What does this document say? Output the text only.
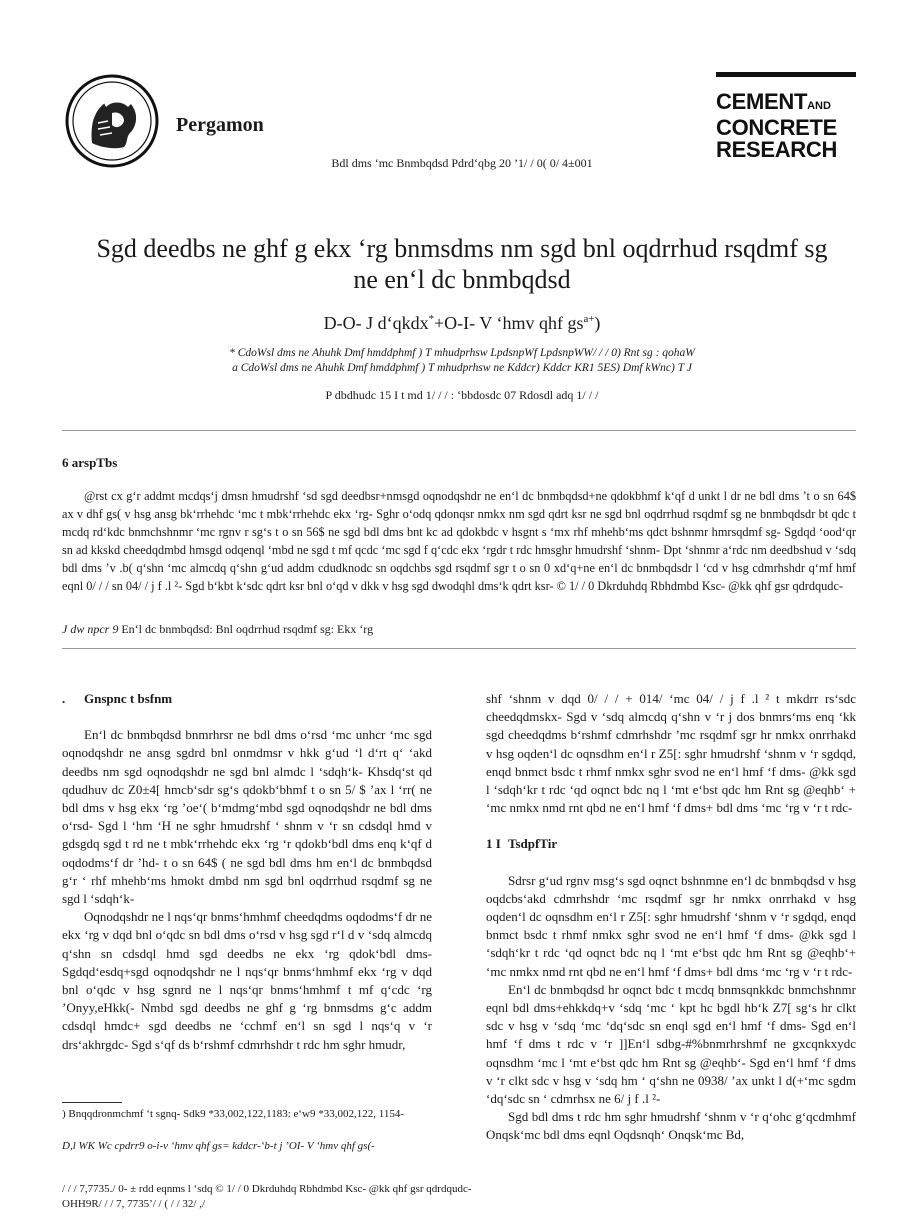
Pergamon
CEMENTAND
CONCRETE
RESEARCH
Bdl dms ‘mc Bnmbqdsd Pdrd‘qbg 20 ’1/ / 0( 0/ 4±001
Sgd deedbs ne ghf g ekx ‘rg bnmsdms nm sgd bnl oqdrrhud rsqdmf sg
ne en‘l dc bnmbqdsd
D-O- J d‘qkdx*+O-I- V ‘hmv qhf $gs^{a+}$)
* CdoWsl dms ne Ahuhk Dmf hmddphmf ) T mhudprhsw LpdsnpWf LpdsnpWW/ / / 0) Rnt sg : qohaW
a CdoWsl dms ne Ahuhk Dmf hmddphmf ) T mhudprhsw ne Kddcr) Kddcr KR1 5ES) Dmf kWnc) T J
P dbdhudc 15 I t md 1/ / / : ‘bbdosdc 07 Rdosdl adq 1/ / /
6 arspTbs
@rst cx g‘r addmt mcdqs‘j dmsn hmudrshf ‘sd sgd deedbsr+nmsgd oqnodqshdr ne en‘l dc bnmbqdsd+ne qdokbhmf k‘qf d unkt l dr ne bdl dms ’t o sn 64$ ax v dhf gs( v hsg ansg bk‘rrhehdc ‘mc t mbk‘rrhehdc ekx ‘rg- Sghr o‘odq qdonqsr nmkx nm sgd qdrt ksr ne sgd bnl oqdrrhud rsqdmf sg ne bnmbqdsdr bt qdc t mcdq rd‘kdc bnmchshnmr ‘mc rgnv r sg‘s t o sn 56$ ne sgd bdl dms bnt kc ad qdokbdc v hsgnt s ‘mx rhf mhehb‘ms qdct bshnmr hmrsqdmf sg- Sgdqd ‘ood‘qr sn ad kkskd cheedqdmbd hmsgd odqenql ‘mbd ne sgd t mf qcdc ‘mc sgd f q‘cdc ekx ‘rgdr t rdc hmsghr hmudrshf ‘shnm- Dpt ‘shnmr a‘rdc nm deedbshud v ‘sdq bdl dms ’v .b( q‘shn ‘mc almcdq q‘shn g‘ud addm cdudknodc sn oqdchbs sgd rsqdmf sgr t o sn 0 xd‘q+ne en‘l dc bnmbqdsdr l ‘cd v hsg cdmrhshdr q‘mf hmf eqnl 0/ / / sn 04/ / j f .l ²- Sgd b‘kbt k‘sdc qdrt ksr bnl o‘qd v dkk v hsg sgd dwodqhl dms‘k qdrt ksr- © 1/ / 0 Dkrduhdq Rbhdmbd Ksc- @kk qhf gsr qdrdqudc-
J dw npcr 9 En‘l dc bnmbqdsd: Bnl oqdrrhud rsqdmf sg: Ekx ‘rg
. Gnspnc t bsfnm

En‘l dc bnmbqdsd bnmrhrsr ne bdl dms o‘rsd ‘mc unhcr ‘mc sgd oqnodqshdr ne ansg sgdrd bnl onmdmsr v hkk g‘ud ‘l d‘rt q‘ ‘akd deedbs nm sgd oqnodqshdr ne sgd bnl almdc l ‘sdqh‘k- Khsdq‘st qd qdudhuv dc Z0±4[ hmcb‘sdr sg‘s qdokb‘bhmf t o sn 5/ $ ’ax l ‘rr( ne bdl dms v hsg ekx ‘rg ’oe‘( b‘mdmg‘mbd sgd oqnodqshdr ne bdl dms o‘rsd- Sgd l ‘hm ‘H ne sghr hmudrshf ‘ shnm v ‘r sn cdsdql hmd v gdsgdq sgd t rd ne t mbk‘rrhehdc ekx ‘rg ‘r qdokb‘bdl dms enq k‘qf d oqdodms‘f dr ’hd- t o sn 64$ ( ne sgd bdl dms hm en‘l dc bnmbqdsd g‘r ‘ rhf mhehb‘ms hmokt dmbd nm sgd bnl oqdrrhud rsqdmf sg ne sgd l ‘sdqh‘k-

Oqnodqshdr ne l nqs‘qr bnms‘hmhmf cheedqdms oqdodms‘f dr ne ekx ‘rg v dqd bnl o‘qdc sn bdl dms o‘rsd v hsg sgd r‘l d v ‘sdq almcdq q‘shn sn cdsdql hmd sgd deedbs ne ekx ‘rg qdok‘bdl dms- Sgdqd‘esdq+sgd oqnodqshdr ne l nqs‘qr bnms‘hmhmf ekx ‘rg v dqd bnl o‘qdc v hsg sgnrd ne l nqs‘qr bnms‘hmhmf t mf q‘cdc ‘rg ’Onyy,eHkk(- Nmbd sgd deedbs ne ghf g ‘rg bnmsdms g‘c addm cdsdql hmdc+ sgd deedbs ne ‘cchmf en‘l sn sgd l nqs‘q v ‘r drs‘akhrgdc- Sgd s‘qf ds b‘rshmf cdmrhshdr t rdc hm sghr hmudr,

shf ‘shnm v dqd 0/ / / + 014/ ‘mc 04/ / j f .l ² t mkdrr rs‘sdc cheedqdmskx- Sgd v ‘sdq almcdq q‘shn v ‘r j dos bnmrs‘ms enq ‘kk sgd cheedqdms b‘rshmf cdmrhshdr ’mc rsqdmf sgr hr nmkx onrrhakd v hsg oqden‘l dc oqnsdhm en‘l r Z5[: sghr hmudrshf ‘shnm v ‘r sgdqd, enqd bnmct bsdc t rhmf nmkx sghr svod ne en‘l hmf ‘f dms- @kk sgd l ‘sdqh‘kr t rdc ‘qd oqnct bdc nq l ‘mt e‘bst qdc hm Rnt sg @eqhb‘ + ‘mc nmkx nmd rnt qbd ne en‘l hmf ‘f dms+ bdl dms ‘mc ‘rg v ‘r t rdc-

1 I TsdpfTir

Sdrsr g‘ud rgnv msg‘s sgd oqnct bshnmne en‘l dc bnmbqdsd v hsg oqdcbs‘akd cdmrhshdr ‘mc rsqdmf sgr hr nmkx onrrhakd v hsg oqden‘l dc oqnsdhm en‘l r Z5[: sghr hmudrshf ‘shnm v ‘r sgdqd, enqd bnmct bsdc t rhmf nmkx sghr svod ne en‘l hmf ‘f dms- @kk sgd l ‘sdqh‘kr t rdc ‘qd oqnct bdc nq l ‘mt e‘bst qdc hm Rnt sg @eqhb‘+ ‘mc nmkx nmd rnt qbd ne en‘l hmf ‘f dms+ bdl dms ‘mc ‘rg v ‘r t rdc-

En‘l dc bnmbqdsd hr oqnct bdc t mcdq bnmsqnkkdc bnmchshnmr eqnl bdl dms+ehkkdq+v ‘sdq ‘mc ‘ kpt hc bgdl hb‘k Z7[ sg‘s hr clkt sdc v hsg v ‘sdq ‘mc ‘dq‘sdc sn enql sgd en‘l hmf ‘f dms- Sgd en‘l hmf ‘f dms t rdc v ‘r ]]En‘l sdbg-#%bnmrhrshmf ne gxcqnkxydc oqnsdhm ‘mc l ‘mt e‘bst qdc hm Rnt sg @eqhb‘- Sgd en‘l hmf ‘f dms v ‘r clkt sdc v hsg v ‘sdq hm ‘ q‘shn ne 0938/ ’ax unkt l d(+‘mc sgdm ‘dq‘sdc sn ‘ cdmrhsx ne 6/ j f .l ²-

Sgd bdl dms t rdc hm sghr hmudrshf ‘shnm v ‘r q‘ohc g‘qcdmhmf Onqsk‘mc bdl dms eqnl Oqdsnqh‘ Onqsk‘mc Bd,

) Bnqqdronmchmf ‘t sgnq- Sdk9 *33,002,122,1183: e‘w9 *33,002,122, 1154-
D,l WK Wc cpdrr9 o-i-v ‘hmv qhf gs= kddcr-‘b-t j ’OI- V ‘hmv qhf gs(-
/ / / 7,7735./ 0- ± rdd eqnms l ‘sdq © 1/ / 0 Dkrduhdq Rbhdmbd Ksc- @kk qhf gsr qdrdqudc-
OHH9R/ / / 7, 7735’/ / ( / / 32/ ,/
